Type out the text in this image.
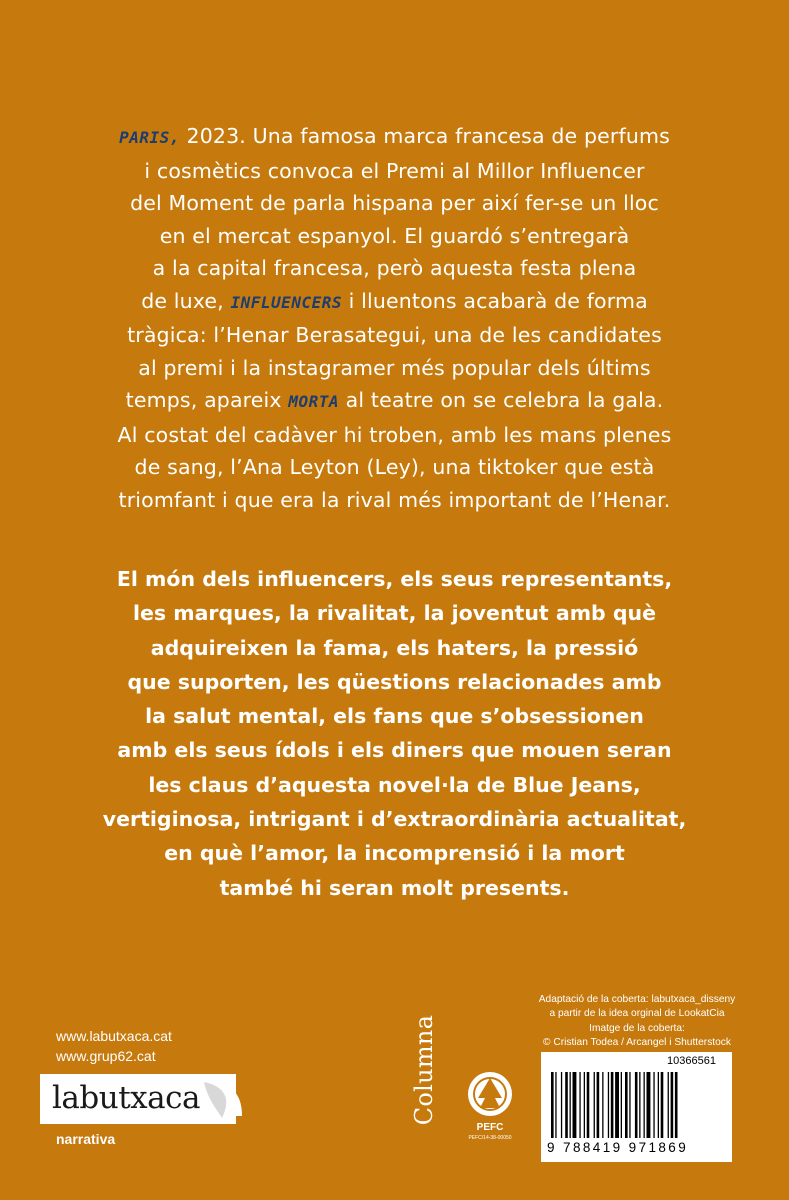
PARIS, 2023. Una famosa marca francesa de perfums
i cosmètics convoca el Premi al Millor Influencer
del Moment de parla hispana per així fer-se un lloc
en el mercat espanyol. El guardó s’entregarà
a la capital francesa, però aquesta festa plena
de luxe, INFLUENCERS i lluentons acabarà de forma
tràgica: l’Henar Berasategui, una de les candidates
al premi i la instagramer més popular dels últims
temps, apareix MORTA al teatre on se celebra la gala.
Al costat del cadàver hi troben, amb les mans plenes
de sang, l’Ana Leyton (Ley), una tiktoker que està
triomfant i que era la rival més important de l’Henar.
El món dels influencers, els seus representants,
les marques, la rivalitat, la joventut amb què
adquireixen la fama, els haters, la pressió
que suporten, les qüestions relacionades amb
la salut mental, els fans que s’obsessionen
amb els seus ídols i els diners que mouen seran
les claus d’aquesta novel·la de Blue Jeans,
vertiginosa, intrigant i d’extraordinària actualitat,
en què l’amor, la incomprensió i la mort
també hi seran molt presents.
www.labutxaca.cat
www.grup62.cat
labutxaca
narrativa
Columna
PEFC
PEFC/14-38-00050
Adaptació de la coberta: labutxaca_disseny
a partir de la idea orginal de LookatCia
Imatge de la coberta:
© Cristian Todea / Arcangel i Shutterstock
10366561
9 788419 971869
